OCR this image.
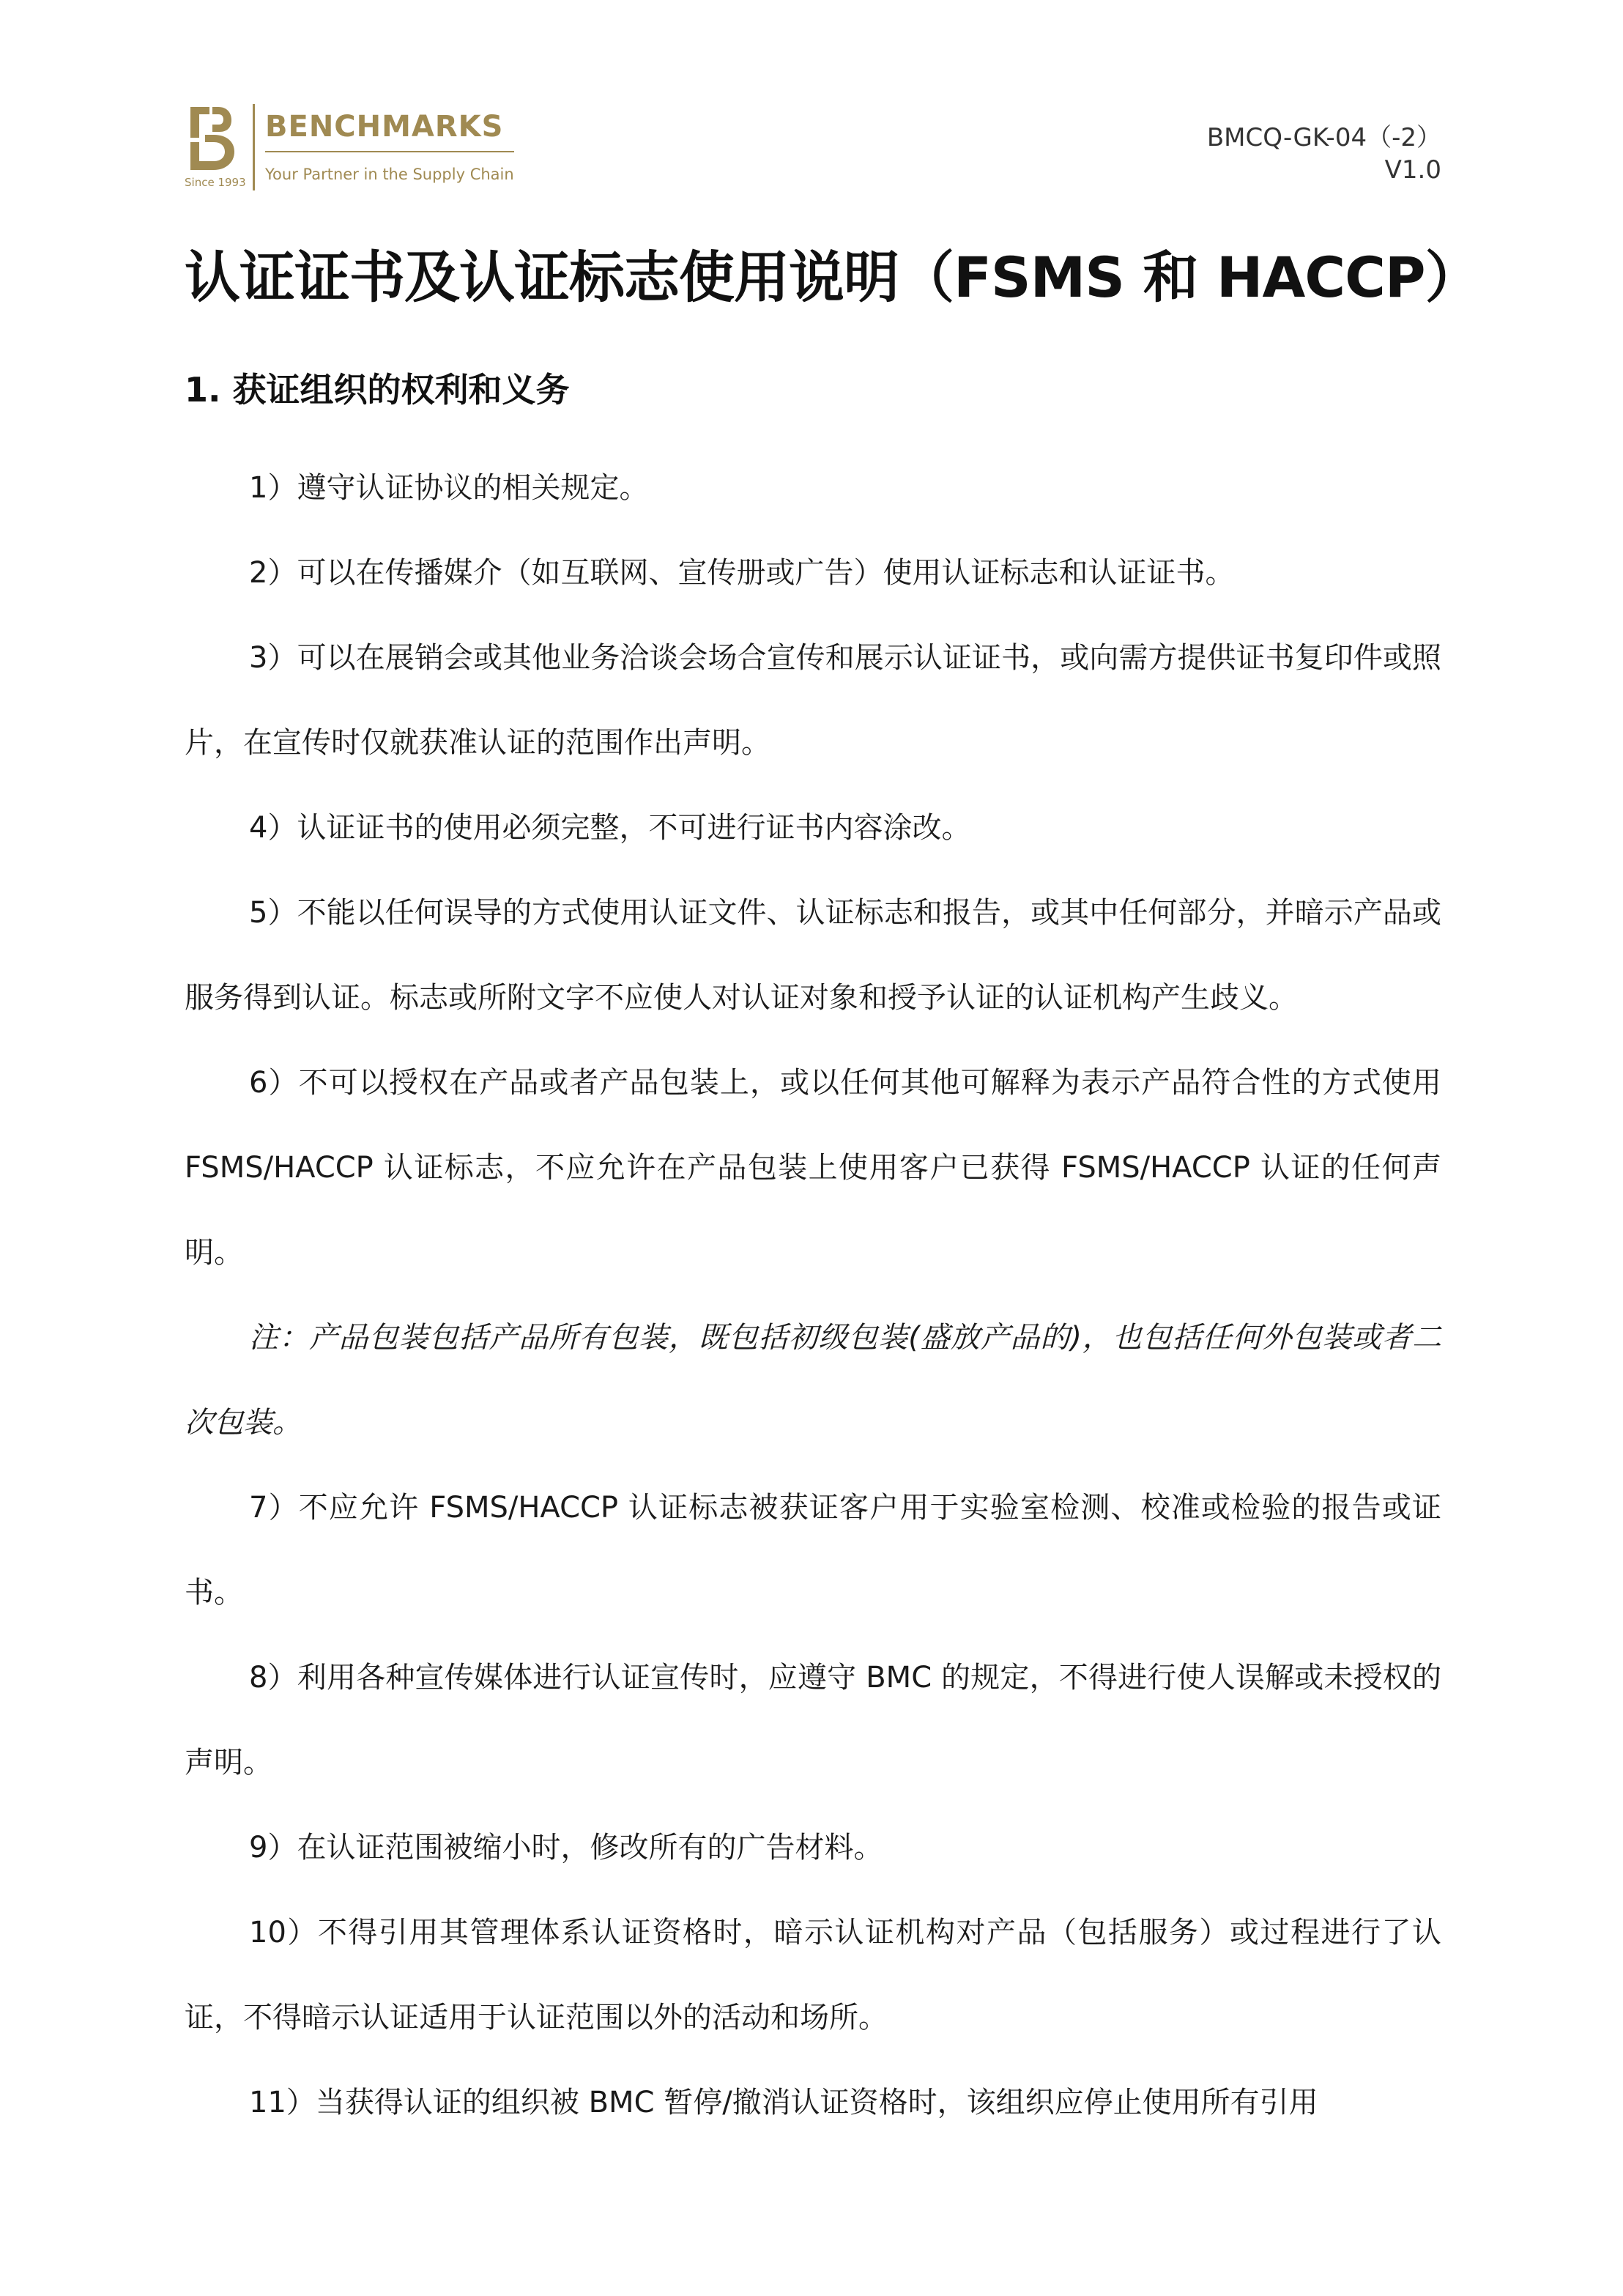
Since 1993
BENCHMARKS
Your Partner in the Supply Chain
BMCQ-GK-04（-2）
V1.0
认证证书及认证标志使用说明（FSMS 和 HACCP）
1. 获证组织的权利和义务

1）遵守认证协议的相关规定。

2）可以在传播媒介（如互联网、宣传册或广告）使用认证标志和认证证书。

3）可以在展销会或其他业务洽谈会场合宣传和展示认证证书，或向需方提供证书复印件或照片，在宣传时仅就获准认证的范围作出声明。

4）认证证书的使用必须完整，不可进行证书内容涂改。

5）不能以任何误导的方式使用认证文件、认证标志和报告，或其中任何部分，并暗示产品或服务得到认证。标志或所附文字不应使人对认证对象和授予认证的认证机构产生歧义。

6）不可以授权在产品或者产品包装上，或以任何其他可解释为表示产品符合性的方式使用 FSMS/HACCP 认证标志，不应允许在产品包装上使用客户已获得 FSMS/HACCP 认证的任何声明。

注：产品包装包括产品所有包装，既包括初级包装(盛放产品的)，也包括任何外包装或者二次包装。

7）不应允许 FSMS/HACCP 认证标志被获证客户用于实验室检测、校准或检验的报告或证书。

8）利用各种宣传媒体进行认证宣传时，应遵守 BMC 的规定，不得进行使人误解或未授权的声明。

9）在认证范围被缩小时，修改所有的广告材料。

10）不得引用其管理体系认证资格时，暗示认证机构对产品（包括服务）或过程进行了认证，不得暗示认证适用于认证范围以外的活动和场所。

11）当获得认证的组织被 BMC 暂停/撤消认证资格时，该组织应停止使用所有引用
